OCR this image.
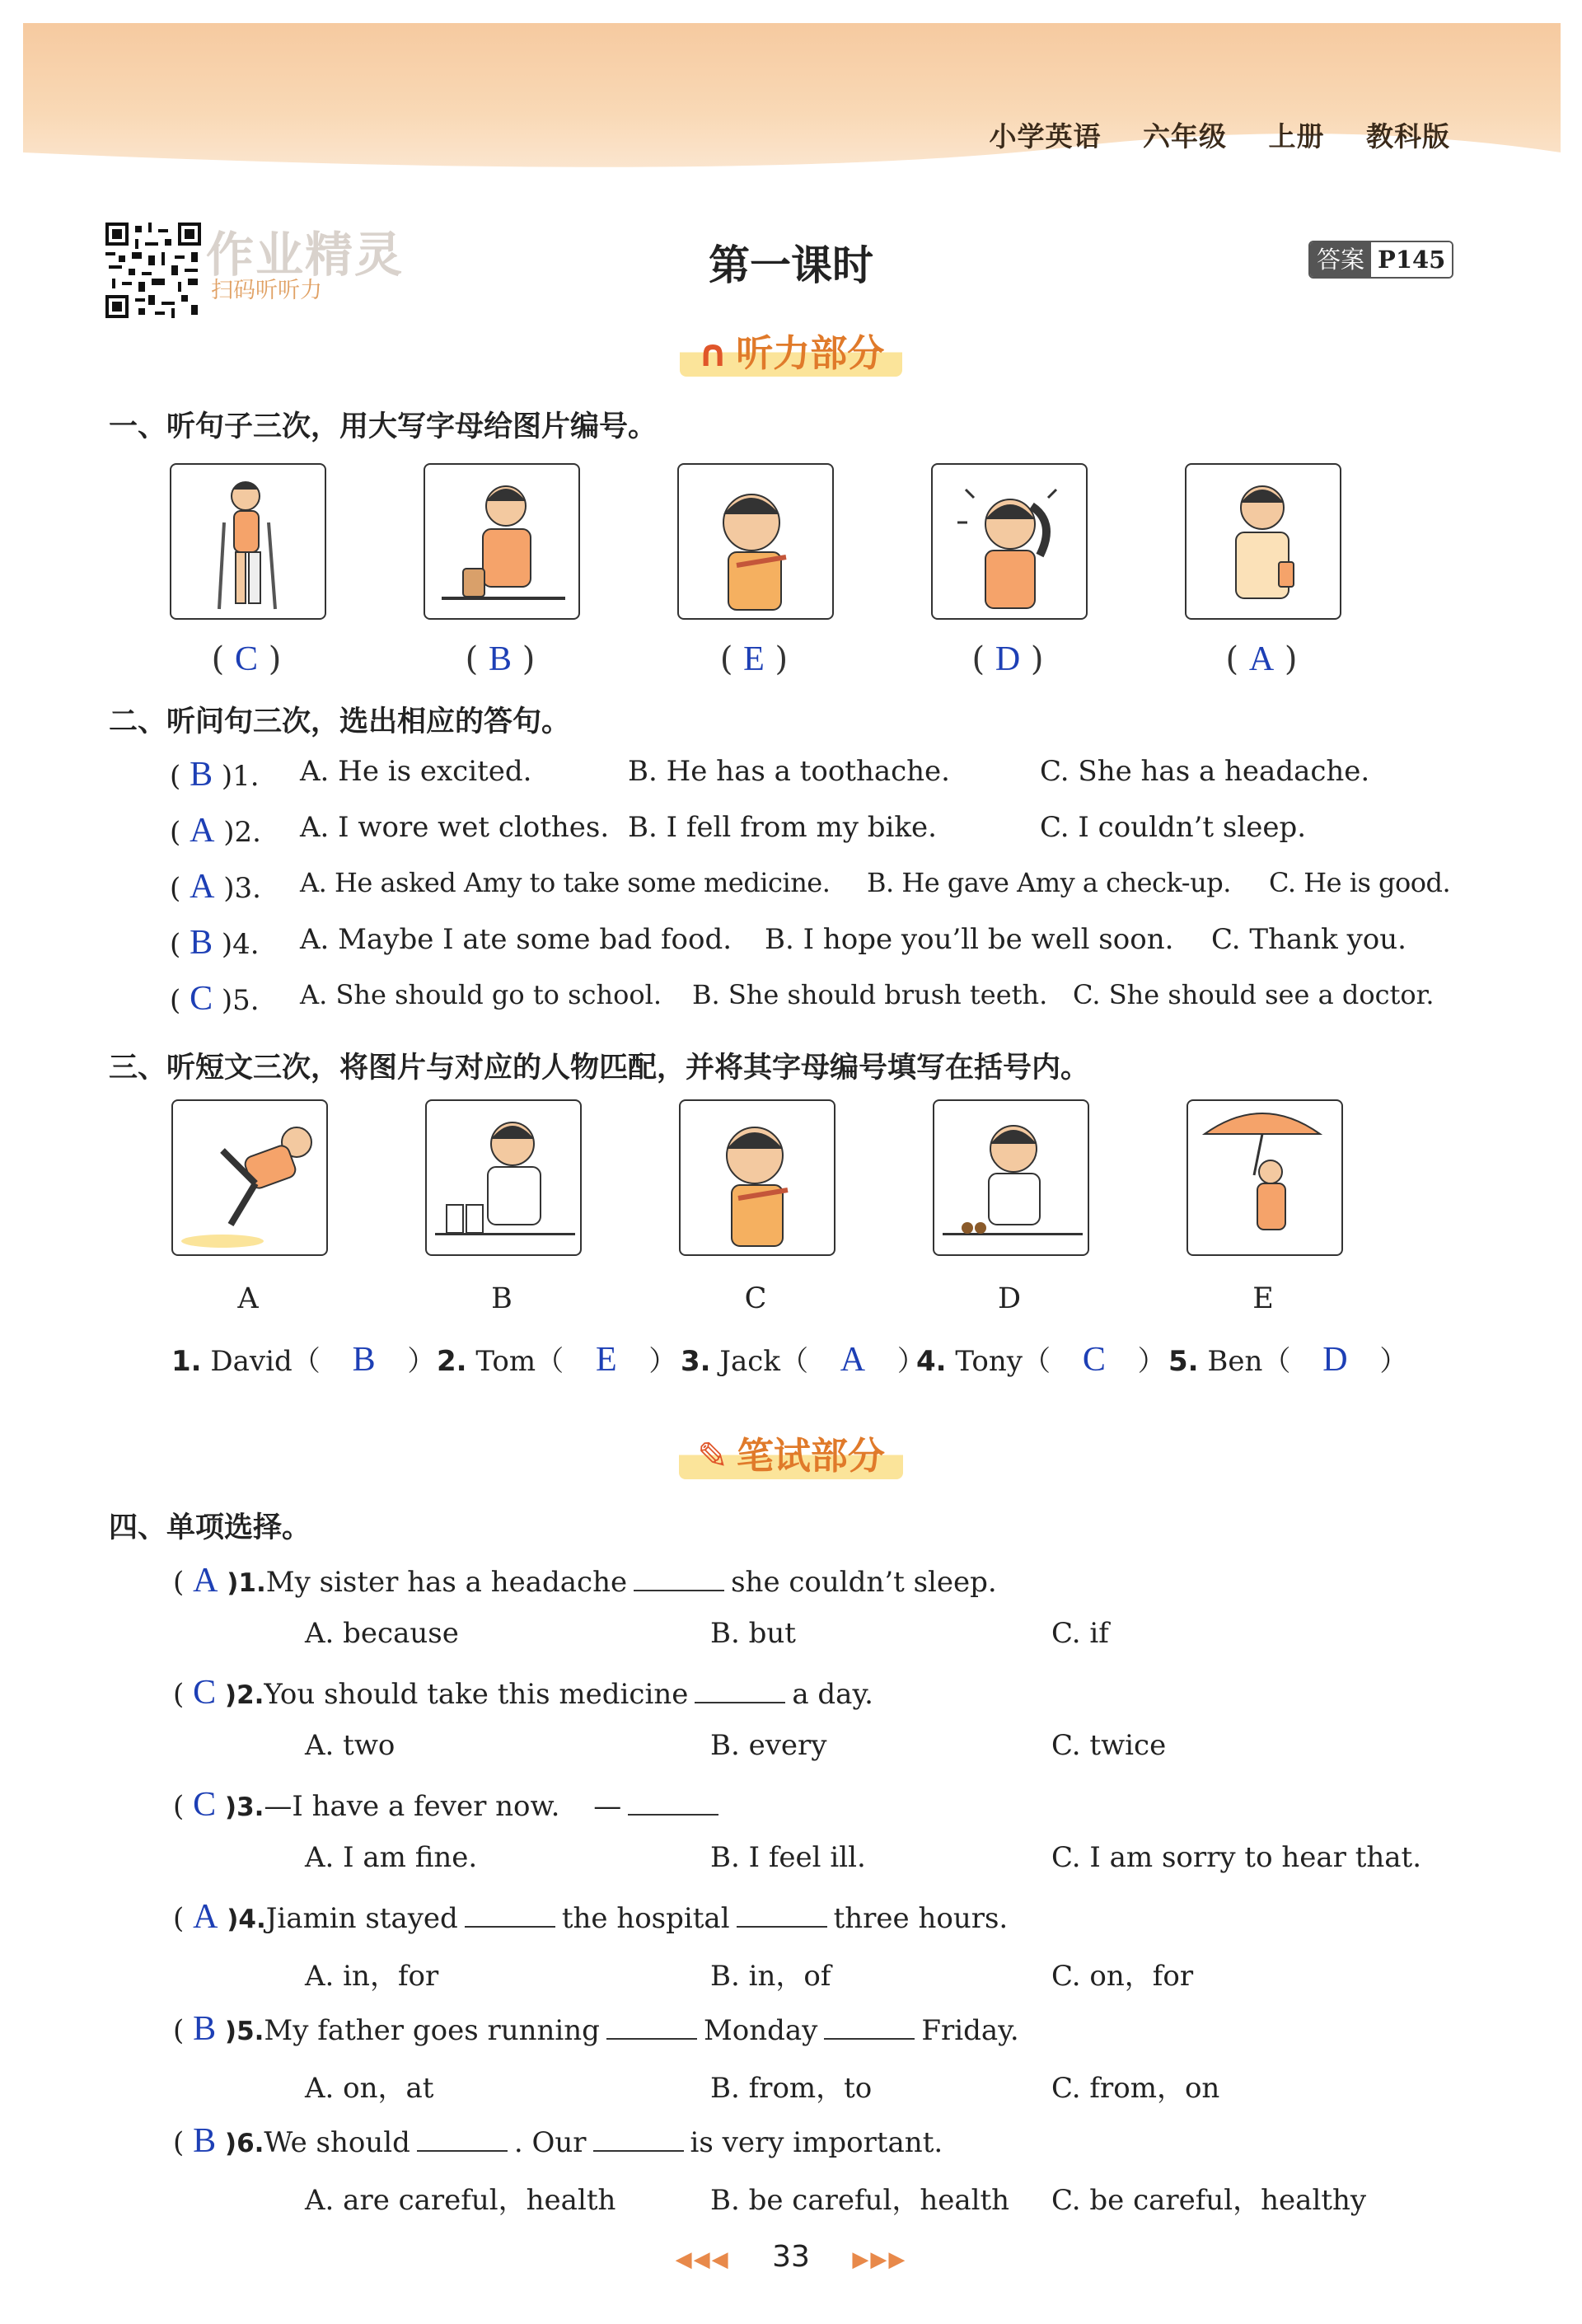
小学英语 六年级 上册 教科版
作业精灵
扫码听听力
第一课时	答案 P145
∩ 听力部分
一、听句子三次，用大写字母给图片编号。
( C )	( B )	( E )	( D )	( A )
二、听问句三次，选出相应的答句。
( B )1. A. He is excited.	B. He has a toothache.	C. She has a headache.
( A )2. A. I wore wet clothes. B. I fell from my bike.	C. I couldn’t sleep.
( A )3. A. He asked Amy to take some medicine. B. He gave Amy a check-up. C. He is good.
( B )4. A. Maybe I ate some bad food. B. I hope you’ll be well soon. C. Thank you.
( C )5. A. She should go to school. B. She should brush teeth. C. She should see a doctor.
三、听短文三次，将图片与对应的人物匹配，并将其字母编号填写在括号内。
A	B	C	D	E
1. David（ B ） 2. Tom（ E ） 3. Jack（ A ）
4. Tony（ C ） 5. Ben（ D ）
✎ 笔试部分
四、单项选择。
( A )1.My sister has a headache	she couldn’t sleep.
A. because	B. but	C. if
( C )2.You should take this medicine	a day.
A. two	B. every	C. twice
( C )3.—I have a fever now. —
A. I am fine.	B. I feel ill.	C. I am sorry to hear that.
( A )4.Jiamin stayed	the hospital	three hours.
A. in，for	B. in，of	C. on，for
( B )5.My father goes running	Monday	Friday.
A. on，at	B. from，to	C. from，on
( B )6.We should	. Our	is very important.
A. are careful，health	B. be careful，health C. be careful，healthy
◀◀◀ 33 ▶▶▶
